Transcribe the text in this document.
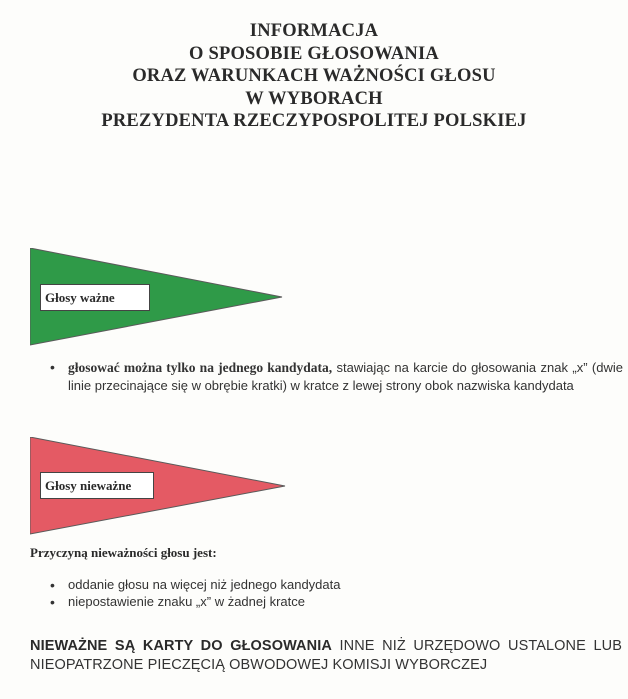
INFORMACJA
O SPOSOBIE GŁOSOWANIA
ORAZ WARUNKACH WAŻNOŚCI GŁOSU
W WYBORACH
PREZYDENTA RZECZYPOSPOLITEJ POLSKIEJ
Głosy ważne
• głosować można tylko na jednego kandydata, stawiając na karcie do głosowania znak „x” (dwie linie przecinające się w obrębie kratki) w kratce z lewej strony obok nazwiska kandydata
Głosy nieważne
Przyczyną nieważności głosu jest:
• oddanie głosu na więcej niż jednego kandydata
• niepostawienie znaku „x” w żadnej kratce
NIEWAŻNE SĄ KARTY DO GŁOSOWANIA INNE NIŻ URZĘDOWO USTALONE LUB NIEOPATRZONE PIECZĘCIĄ OBWODOWEJ KOMISJI WYBORCZEJ
